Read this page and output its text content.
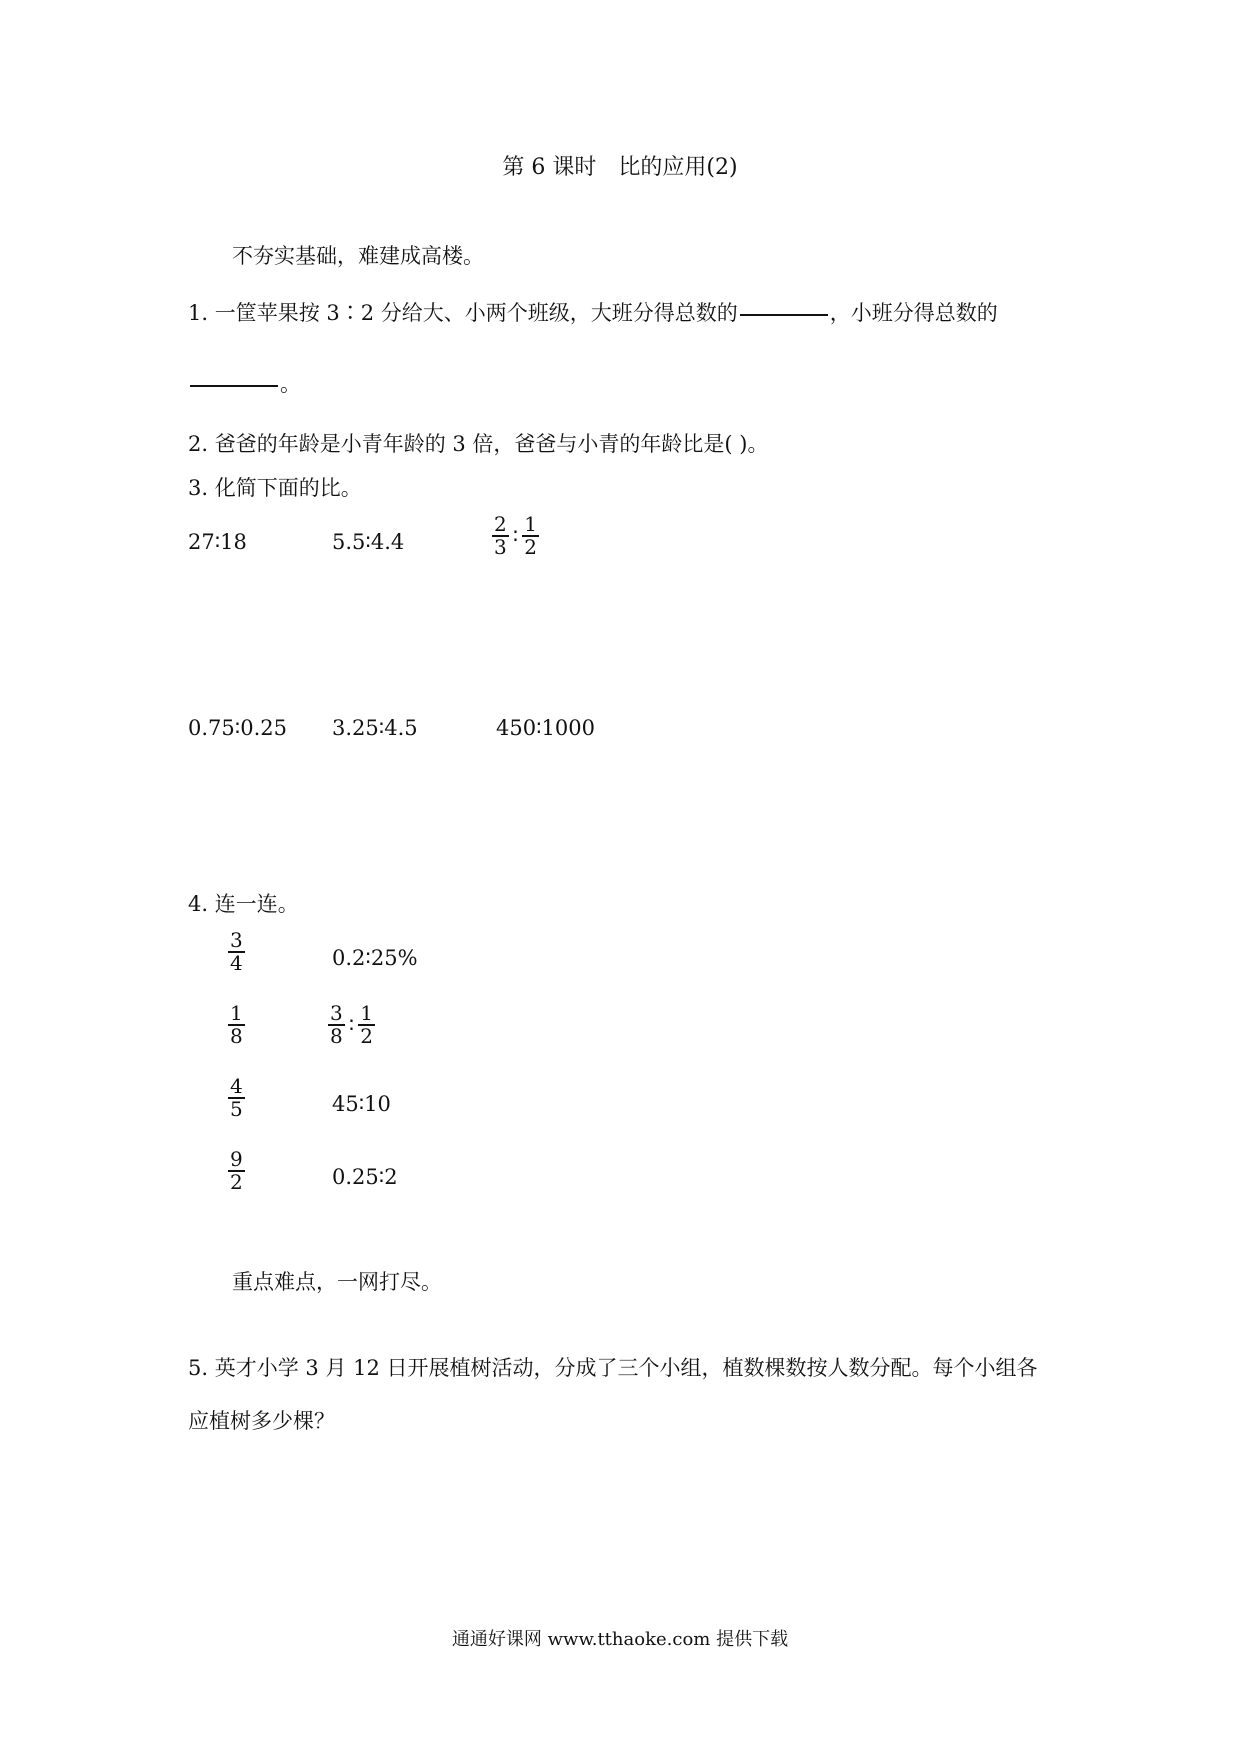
第 6 课时 比的应用(2)
不夯实基础，难建成高楼。
1. 一筐苹果按 3∶2 分给大、小两个班级，大班分得总数的	，小班分得总数的
。
2. 爸爸的年龄是小青年龄的 3 倍，爸爸与小青的年龄比是( )。
3. 化简下面的比。
27∶18	5.5∶4.4	$\frac{2}{3}$ ∶ $\frac{1}{2}$
0.75∶0.25 3.25∶4.5	450∶1000
4. 连一连。
$\frac{3}{4}$
$\frac{1}{8}$
$\frac{4}{5}$
$\frac{9}{2}$
0.2∶25%
$\frac{3}{8}$ ∶ $\frac{1}{2}$
45∶10
0.25∶2
重点难点，一网打尽。
5. 英才小学 3 月 12 日开展植树活动，分成了三个小组，植数棵数按人数分配。每个小组各
应植树多少棵？
通通好课网 www.tthaoke.com 提供下载
